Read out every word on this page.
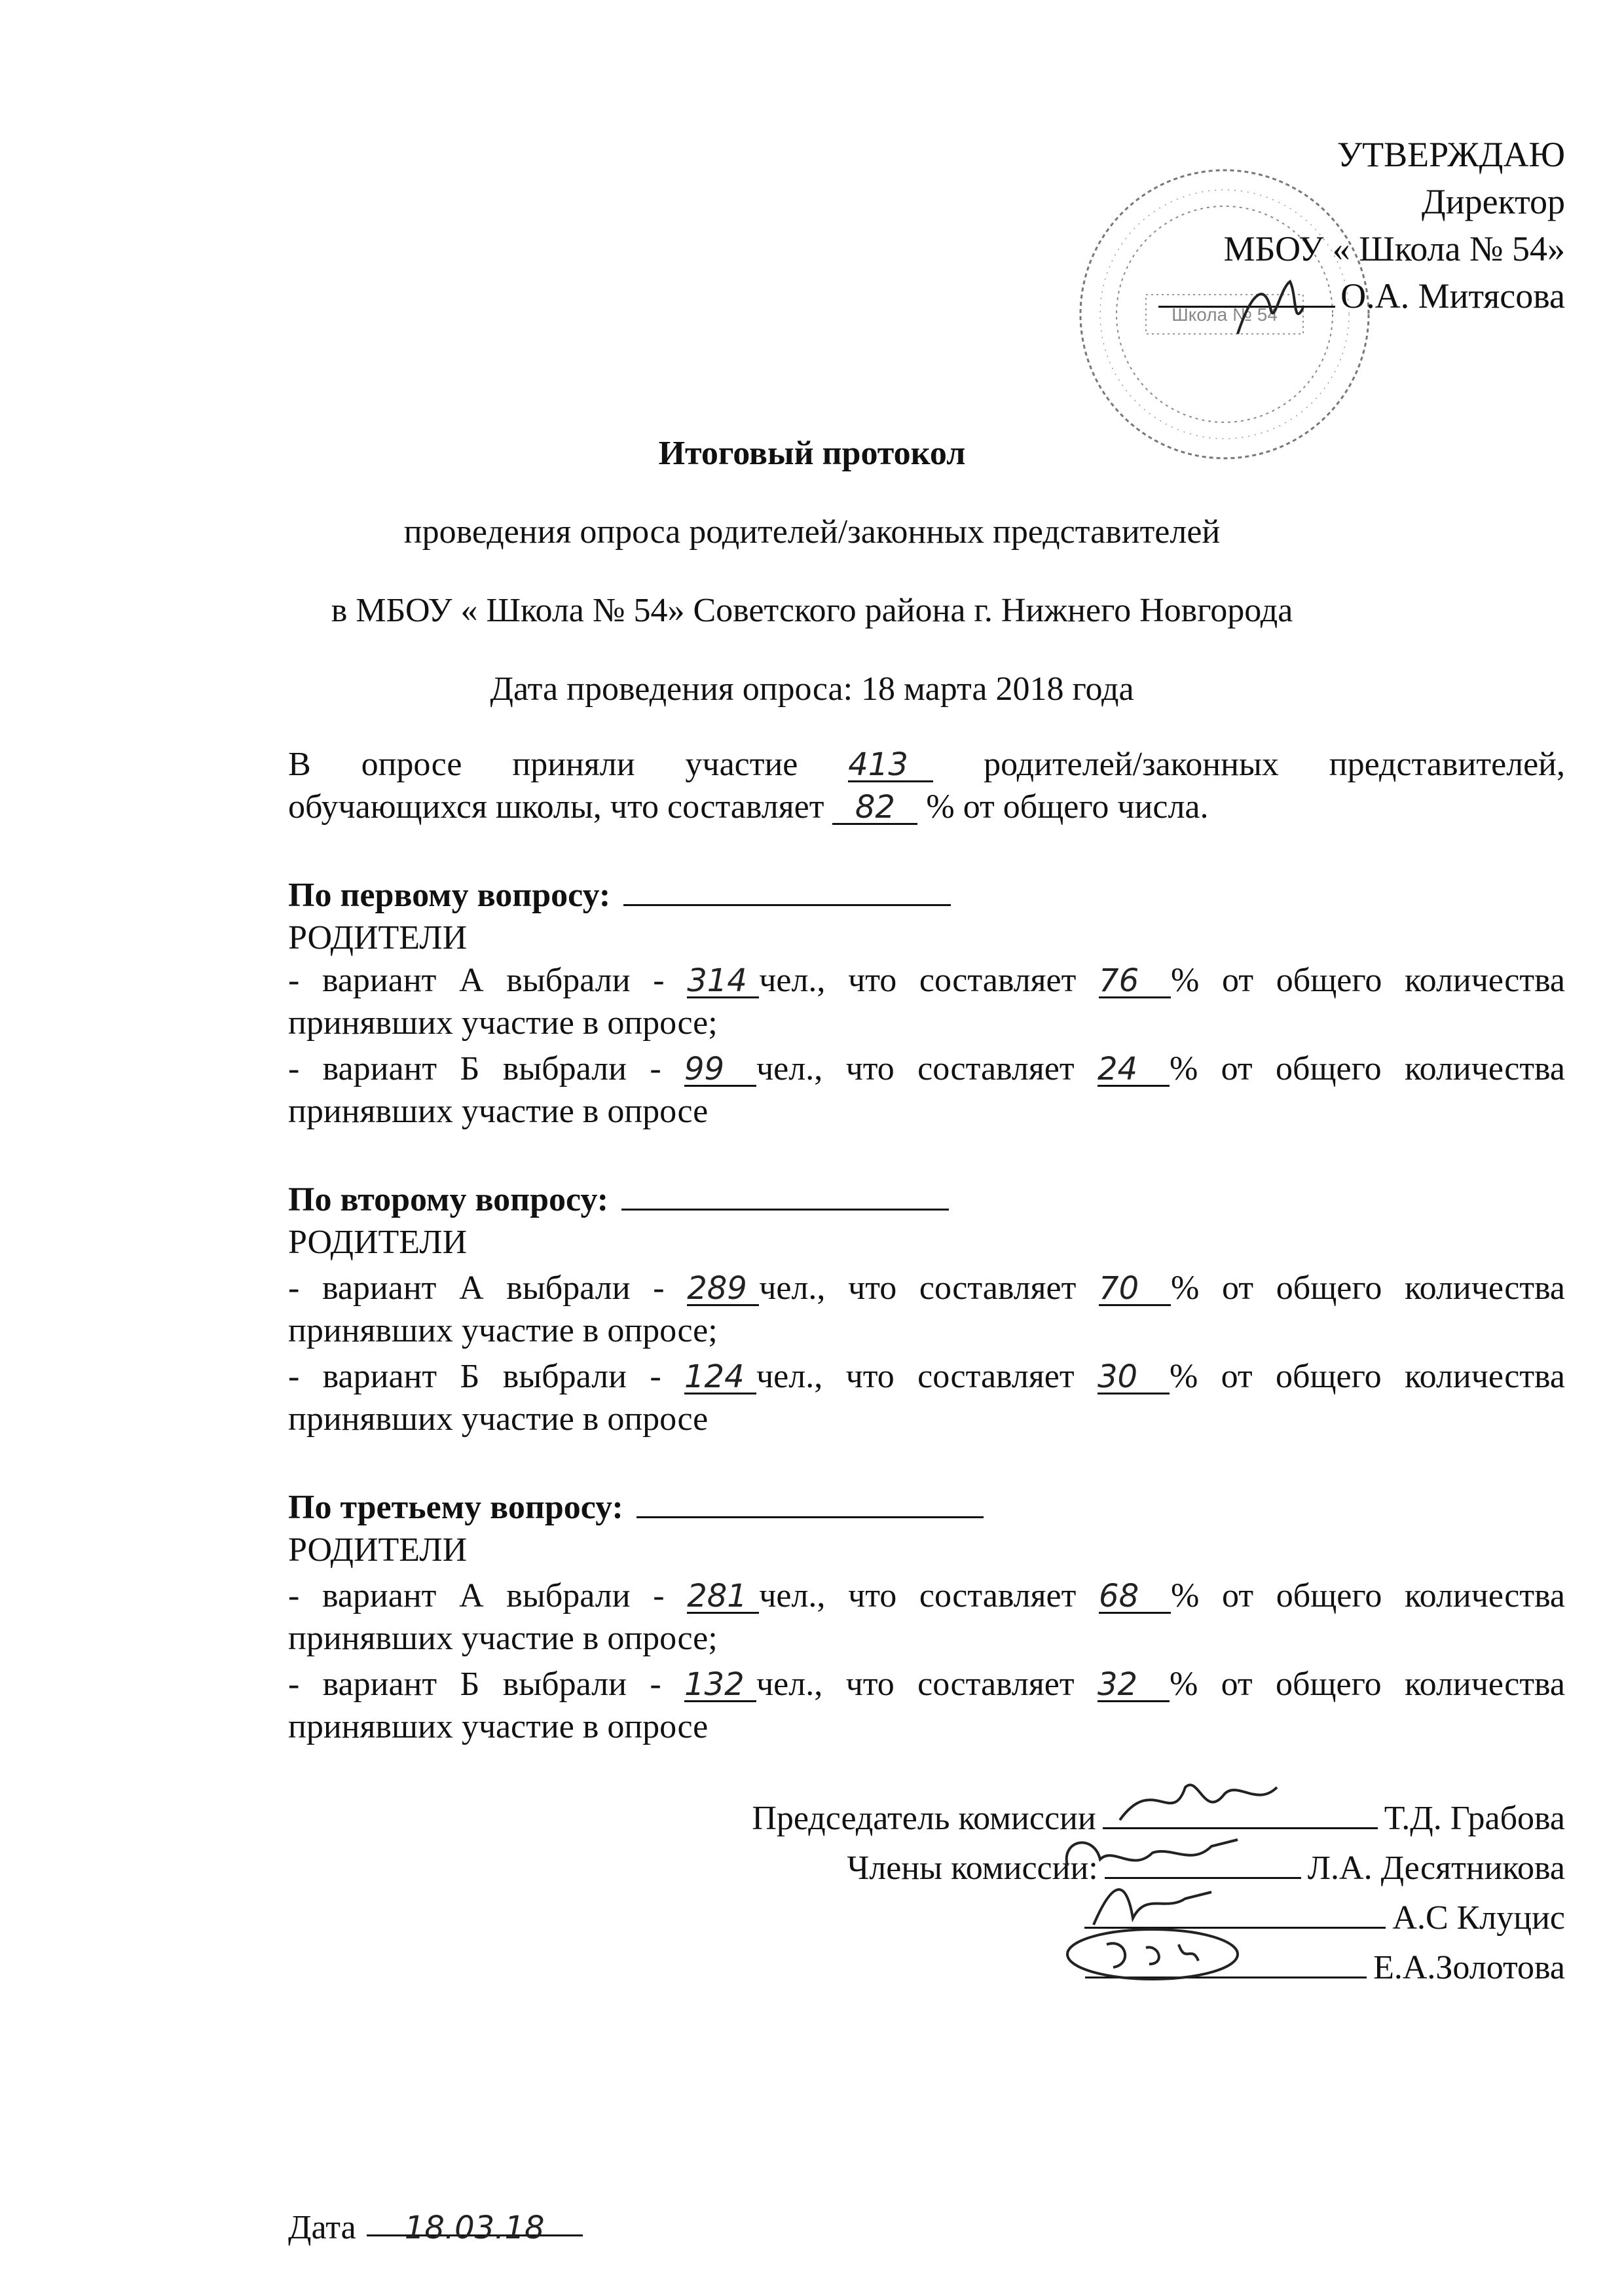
Школа № 54
УТВЕРЖДАЮ
Директор
МБОУ « Школа № 54»
О.А. Митясова
Итоговый протокол
проведения опроса родителей/законных представителей
в МБОУ « Школа № 54» Советского района г. Нижнего Новгорода
Дата проведения опроса: 18 марта 2018 года
В опросе приняли участие 413 родителей/законных представителей,
обучающихся школы, что составляет 82 % от общего числа.
По первому вопросу:
РОДИТЕЛИ
- вариант А выбрали - 314 чел., что составляет 76 % от общего количества
принявших участие в опросе;
- вариант Б выбрали - 99 чел., что составляет 24 % от общего количества
принявших участие в опросе
По второму вопросу:
РОДИТЕЛИ
- вариант А выбрали - 289 чел., что составляет 70 % от общего количества
принявших участие в опросе;
- вариант Б выбрали - 124 чел., что составляет 30 % от общего количества
принявших участие в опросе
По третьему вопросу:
РОДИТЕЛИ
- вариант А выбрали - 281 чел., что составляет 68 % от общего количества
принявших участие в опросе;
- вариант Б выбрали - 132 чел., что составляет 32 % от общего количества
принявших участие в опросе
Председатель комиссии	Т.Д. Грабова
Члены комиссии:	Л.А. Десятникова
А.С Клуцис
Е.А.Золотова
Дата 18.03.18
